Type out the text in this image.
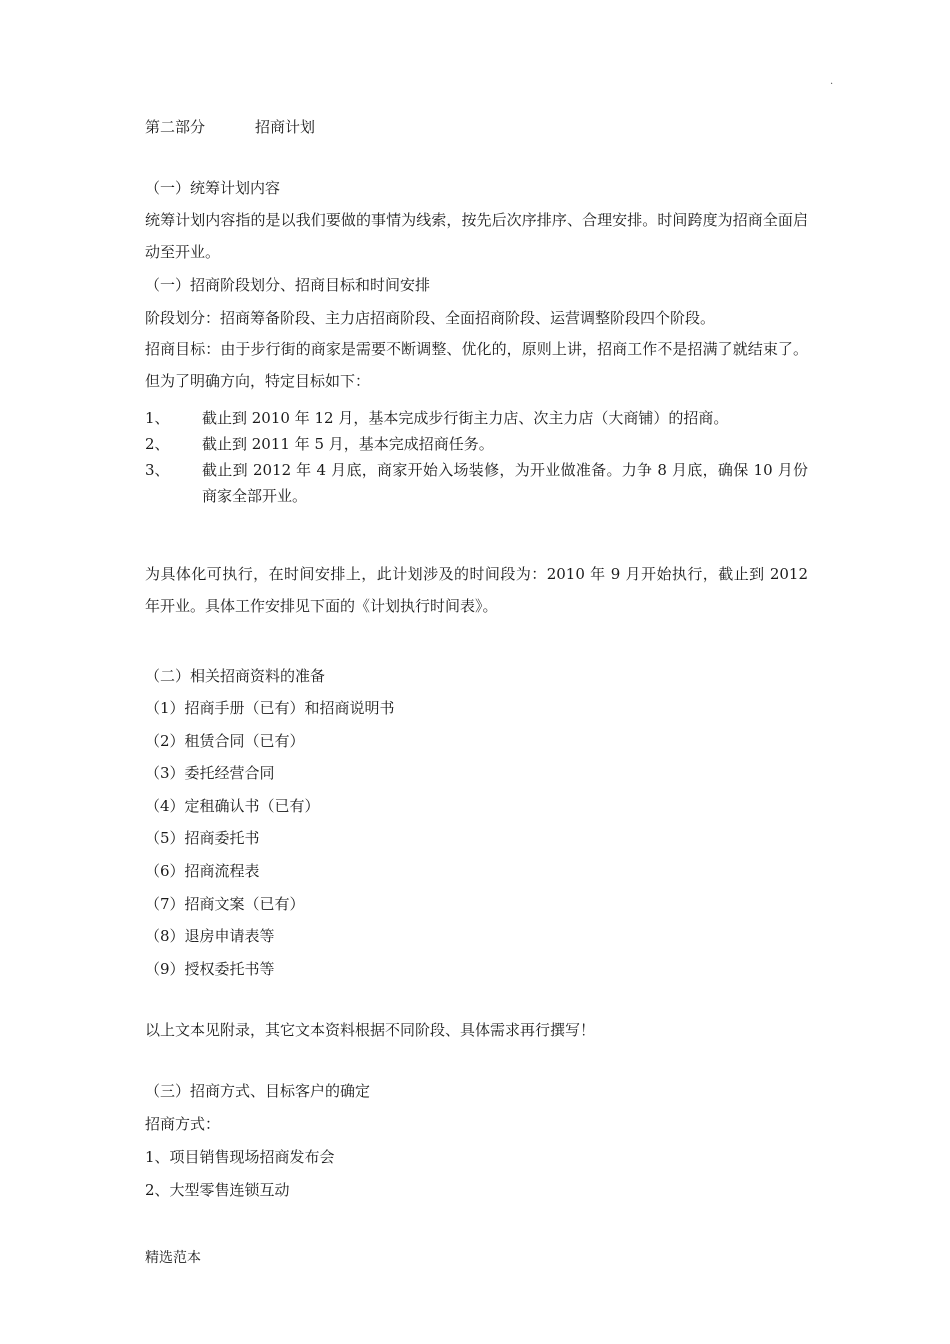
.
第二部分	招商计划
（一）统筹计划内容
统筹计划内容指的是以我们要做的事情为线索，按先后次序排序、合理安排。时间跨度为招商全面启动至开业。
（一）招商阶段划分、招商目标和时间安排
阶段划分：招商筹备阶段、主力店招商阶段、全面招商阶段、运营调整阶段四个阶段。
招商目标：由于步行街的商家是需要不断调整、优化的，原则上讲，招商工作不是招满了就结束了。但为了明确方向，特定目标如下：
1、 截止到 2010 年 12 月，基本完成步行街主力店、次主力店（大商铺）的招商。
2、 截止到 2011 年 5 月，基本完成招商任务。
3、 截止到 2012 年 4 月底，商家开始入场装修，为开业做准备。力争 8 月底，确保 10 月份商家全部开业。
为具体化可执行，在时间安排上，此计划涉及的时间段为：2010 年 9 月开始执行，截止到 2012 年开业。具体工作安排见下面的《计划执行时间表》。
（二）相关招商资料的准备
（1）招商手册（已有）和招商说明书
（2）租赁合同（已有）
（3）委托经营合同
（4）定租确认书（已有）
（5）招商委托书
（6）招商流程表
（7）招商文案（已有）
（8）退房申请表等
（9）授权委托书等
以上文本见附录，其它文本资料根据不同阶段、具体需求再行撰写！
（三）招商方式、目标客户的确定
招商方式：
1、项目销售现场招商发布会
2、大型零售连锁互动
精选范本
